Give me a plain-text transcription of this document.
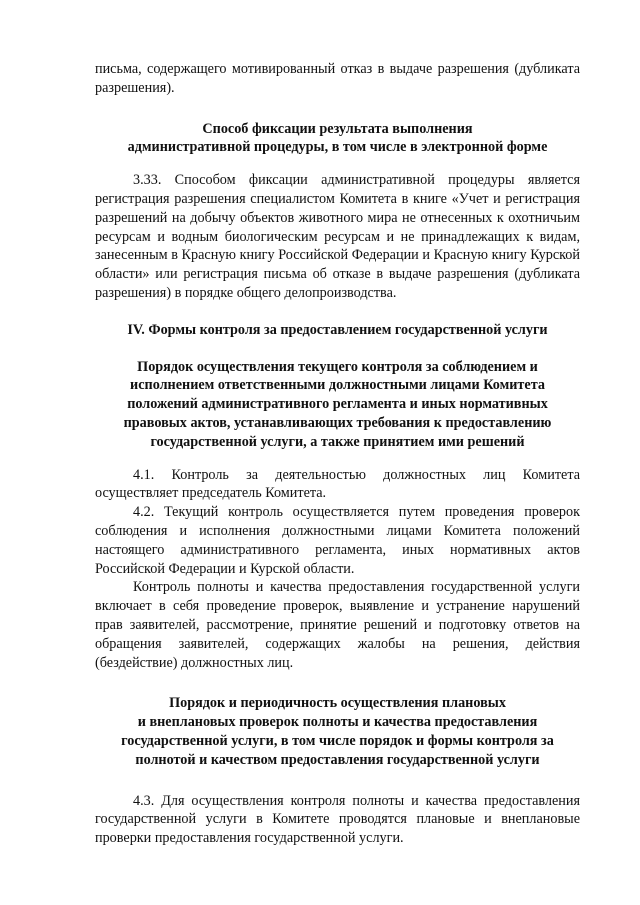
письма, содержащего мотивированный отказ в выдаче разрешения (дубликата разрешения).

Способ фиксации результата выполнения
административной процедуры, в том числе в электронной форме

3.33. Способом фиксации административной процедуры является регистрация разрешения специалистом Комитета в книге «Учет и регистрация разрешений на добычу объектов животного мира не отнесенных к охотничьим ресурсам и водным биологическим ресурсам и не принадлежащих к видам, занесенным в Красную книгу Российской Федерации и Красную книгу Курской области» или регистрация письма об отказе в выдаче разрешения (дубликата разрешения) в порядке общего делопроизводства.

IV. Формы контроля за предоставлением государственной услуги
Порядок осуществления текущего контроля за соблюдением и
исполнением ответственными должностными лицами Комитета
положений административного регламента и иных нормативных
правовых актов, устанавливающих требования к предоставлению
государственной услуги, а также принятием ими решений

4.1. Контроль за деятельностью должностных лиц Комитета осуществляет председатель Комитета.

4.2. Текущий контроль осуществляется путем проведения проверок соблюдения и исполнения должностными лицами Комитета положений настоящего административного регламента, иных нормативных актов Российской Федерации и Курской области.

Контроль полноты и качества предоставления государственной услуги включает в себя проведение проверок, выявление и устранение нарушений прав заявителей, рассмотрение, принятие решений и подготовку ответов на обращения заявителей, содержащих жалобы на решения, действия (бездействие) должностных лиц.

Порядок и периодичность осуществления плановых
и внеплановых проверок полноты и качества предоставления
государственной услуги, в том числе порядок и формы контроля за
полнотой и качеством предоставления государственной услуги

4.3. Для осуществления контроля полноты и качества предоставления государственной услуги в Комитете проводятся плановые и внеплановые проверки предоставления государственной услуги.
